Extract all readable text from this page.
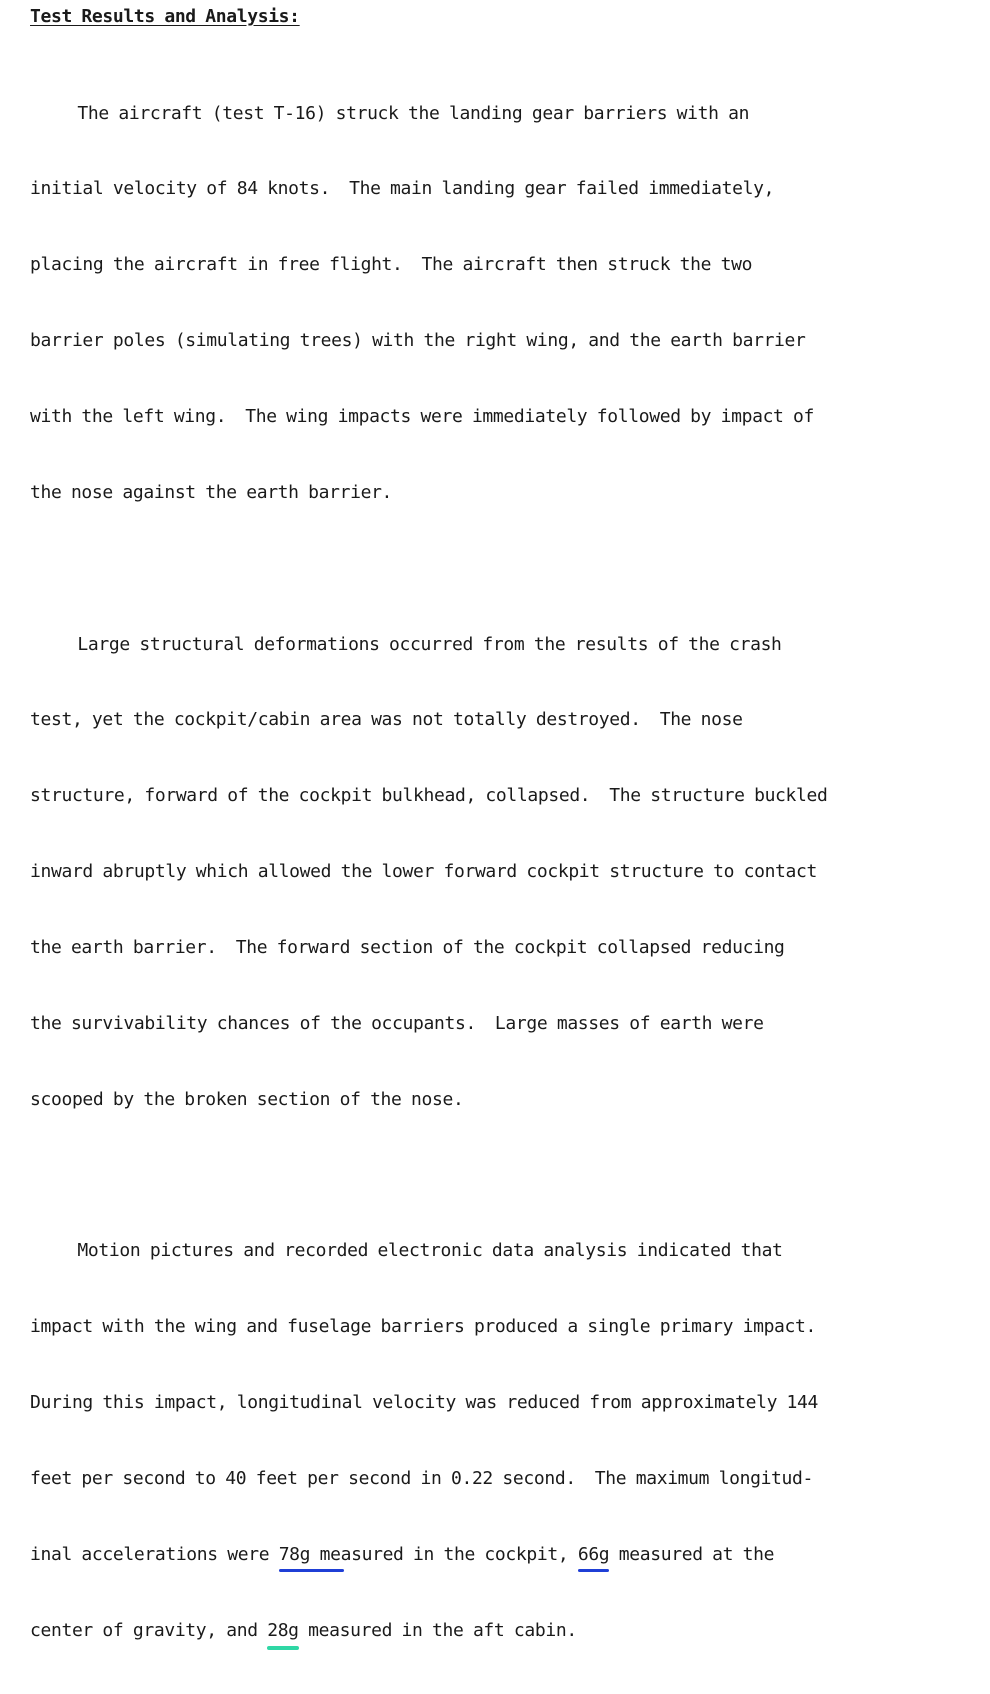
Test Results and Analysis:

The aircraft (test T-16) struck the landing gear barriers with an

initial velocity of 84 knots.  The main landing gear failed immediately,

placing the aircraft in free flight.  The aircraft then struck the two

barrier poles (simulating trees) with the right wing, and the earth barrier

with the left wing.  The wing impacts were immediately followed by impact of

the nose against the earth barrier.

Large structural deformations occurred from the results of the crash

test, yet the cockpit/cabin area was not totally destroyed.  The nose

structure, forward of the cockpit bulkhead, collapsed.  The structure buckled

inward abruptly which allowed the lower forward cockpit structure to contact

the earth barrier.  The forward section of the cockpit collapsed reducing

the survivability chances of the occupants.  Large masses of earth were

scooped by the broken section of the nose.

Motion pictures and recorded electronic data analysis indicated that

impact with the wing and fuselage barriers produced a single primary impact.

During this impact, longitudinal velocity was reduced from approximately 144

feet per second to 40 feet per second in 0.22 second.  The maximum longitud-

inal accelerations were 78g measured in the cockpit, 66g measured at the

center of gravity, and 28g measured in the aft cabin.
